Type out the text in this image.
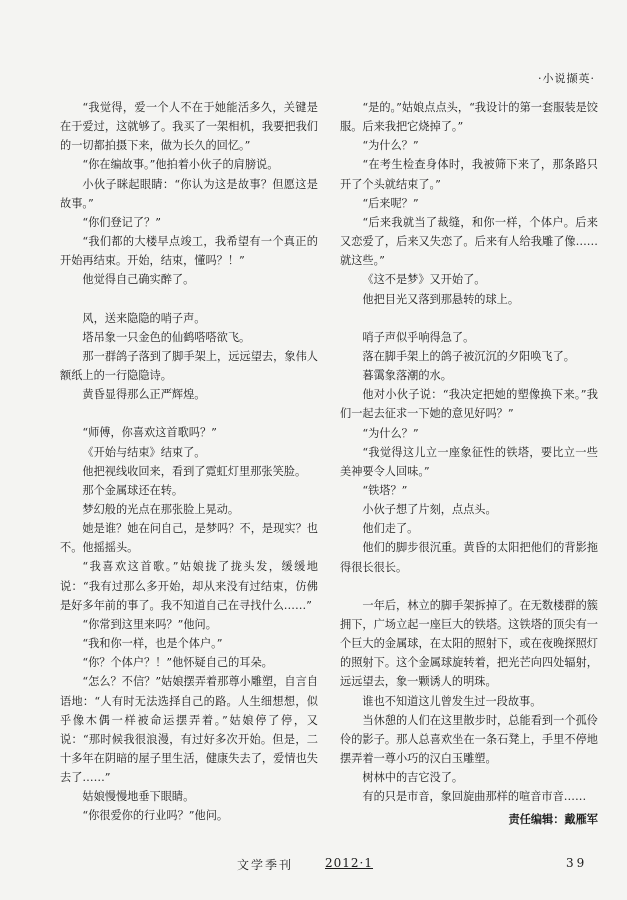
·小说撷英·

“我觉得，爱一个人不在于她能活多久，关键是在于爱过，这就够了。我买了一架相机，我要把我们的一切都拍摄下来，做为长久的回忆。”

“你在编故事。”他拍着小伙子的肩膀说。

小伙子眯起眼睛：“你认为这是故事？但愿这是故事。”

“你们登记了？”

“我们都的大楼早点竣工，我希望有一个真正的开始再结束。开始，结束，懂吗？！”

他觉得自己确实醉了。

风，送来隐隐的哨子声。

塔吊象一只金色的仙鹤嗒嗒欲飞。

那一群鸽子落到了脚手架上，远远望去，象伟人额纸上的一行隐隐诗。

黄昏显得那么正严辉煌。

“师傅，你喜欢这首歌吗？”

《开始与结束》结束了。

他把视线收回来，看到了霓虹灯里那张笑脸。

那个金属球还在转。

梦幻般的光点在那张脸上晃动。

她是谁？她在问自己，是梦吗？不，是现实？也不。他摇摇头。

“我喜欢这首歌。”姑娘拢了拢头发，缓缓地说：“我有过那么多开始，却从来没有过结束，仿佛是好多年前的事了。我不知道自己在寻找什么……”

“你常到这里来吗？”他问。

“我和你一样，也是个体户。”

“你？个体户？！”他怀疑自己的耳朵。

“怎么？不信？”姑娘摆弄着那尊小雕塑，自言自语地：“人有时无法选择自己的路。人生细想想，似乎像木偶一样被命运摆弄着。”姑娘停了停，又说：“那时候我很浪漫，有过好多次开始。但是，二十多年在阴暗的屋子里生活，健康失去了，爱情也失去了……”

姑娘慢慢地垂下眼睛。

“你很爱你的行业吗？”他问。

“是的。”姑娘点点头，“我设计的第一套服装是饺服。后来我把它烧掉了。”

“为什么？”

“在考生检查身体时，我被筛下来了，那条路只开了个头就结束了。”

“后来呢？”

“后来我就当了裁缝，和你一样，个体户。后来又恋爱了，后来又失恋了。后来有人给我雕了像……就这些。”

《这不是梦》又开始了。

他把目光又落到那悬转的球上。

哨子声似乎响得急了。

落在脚手架上的鸽子被沉沉的夕阳唤飞了。

暮霭象落潮的水。

他对小伙子说：“我决定把她的塑像换下来。”我们一起去征求一下她的意见好吗？”

“为什么？”

“我觉得这儿立一座象征性的铁塔，要比立一些美神要令人回味。”

“铁塔？”

小伙子想了片刻，点点头。

他们走了。

他们的脚步很沉重。黄昏的太阳把他们的背影拖得很长很长。

一年后，林立的脚手架拆掉了。在无数楼群的簇拥下，广场立起一座巨大的铁塔。这铁塔的顶尖有一个巨大的金属球，在太阳的照射下，或在夜晚探照灯的照射下。这个金属球旋转着，把光芒向四处辐射，远远望去，象一颗诱人的明珠。

谁也不知道这儿曾发生过一段故事。

当休憩的人们在这里散步时，总能看到一个孤伶伶的影子。那人总喜欢坐在一条石凳上，手里不停地摆弄着一尊小巧的汉白玉雕塑。

树林中的吉它没了。

有的只是市音，象回旋曲那样的喧音市音……

责任编辑：戴雁军
文学季刊	2012·1	39
